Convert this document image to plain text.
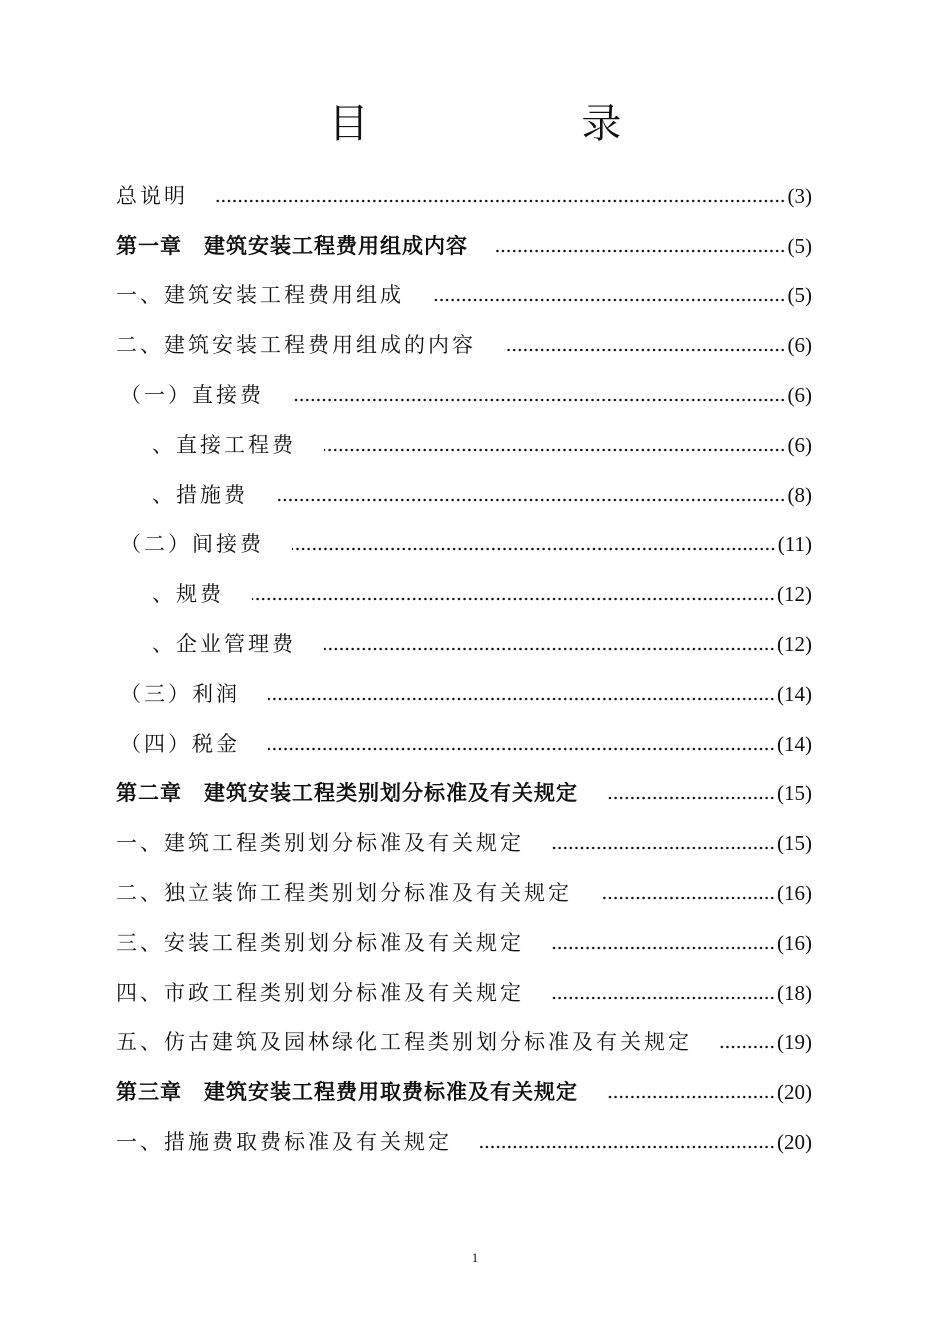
目 录
总说明	(3)
第一章　建筑安装工程费用组成内容	(5)
一、建筑安装工程费用组成	(5)
二、建筑安装工程费用组成的内容	(6)
（一）直接费	(6)
、直接工程费	(6)
、措施费	(8)
（二）间接费	(11)
、规费	(12)
、企业管理费	(12)
（三）利润	(14)
（四）税金	(14)
第二章　建筑安装工程类别划分标准及有关规定	(15)
一、建筑工程类别划分标准及有关规定	(15)
二、独立装饰工程类别划分标准及有关规定	(16)
三、安装工程类别划分标准及有关规定	(16)
四、市政工程类别划分标准及有关规定	(18)
五、仿古建筑及园林绿化工程类别划分标准及有关规定	(19)
第三章　建筑安装工程费用取费标准及有关规定	(20)
一、措施费取费标准及有关规定	(20)
1
